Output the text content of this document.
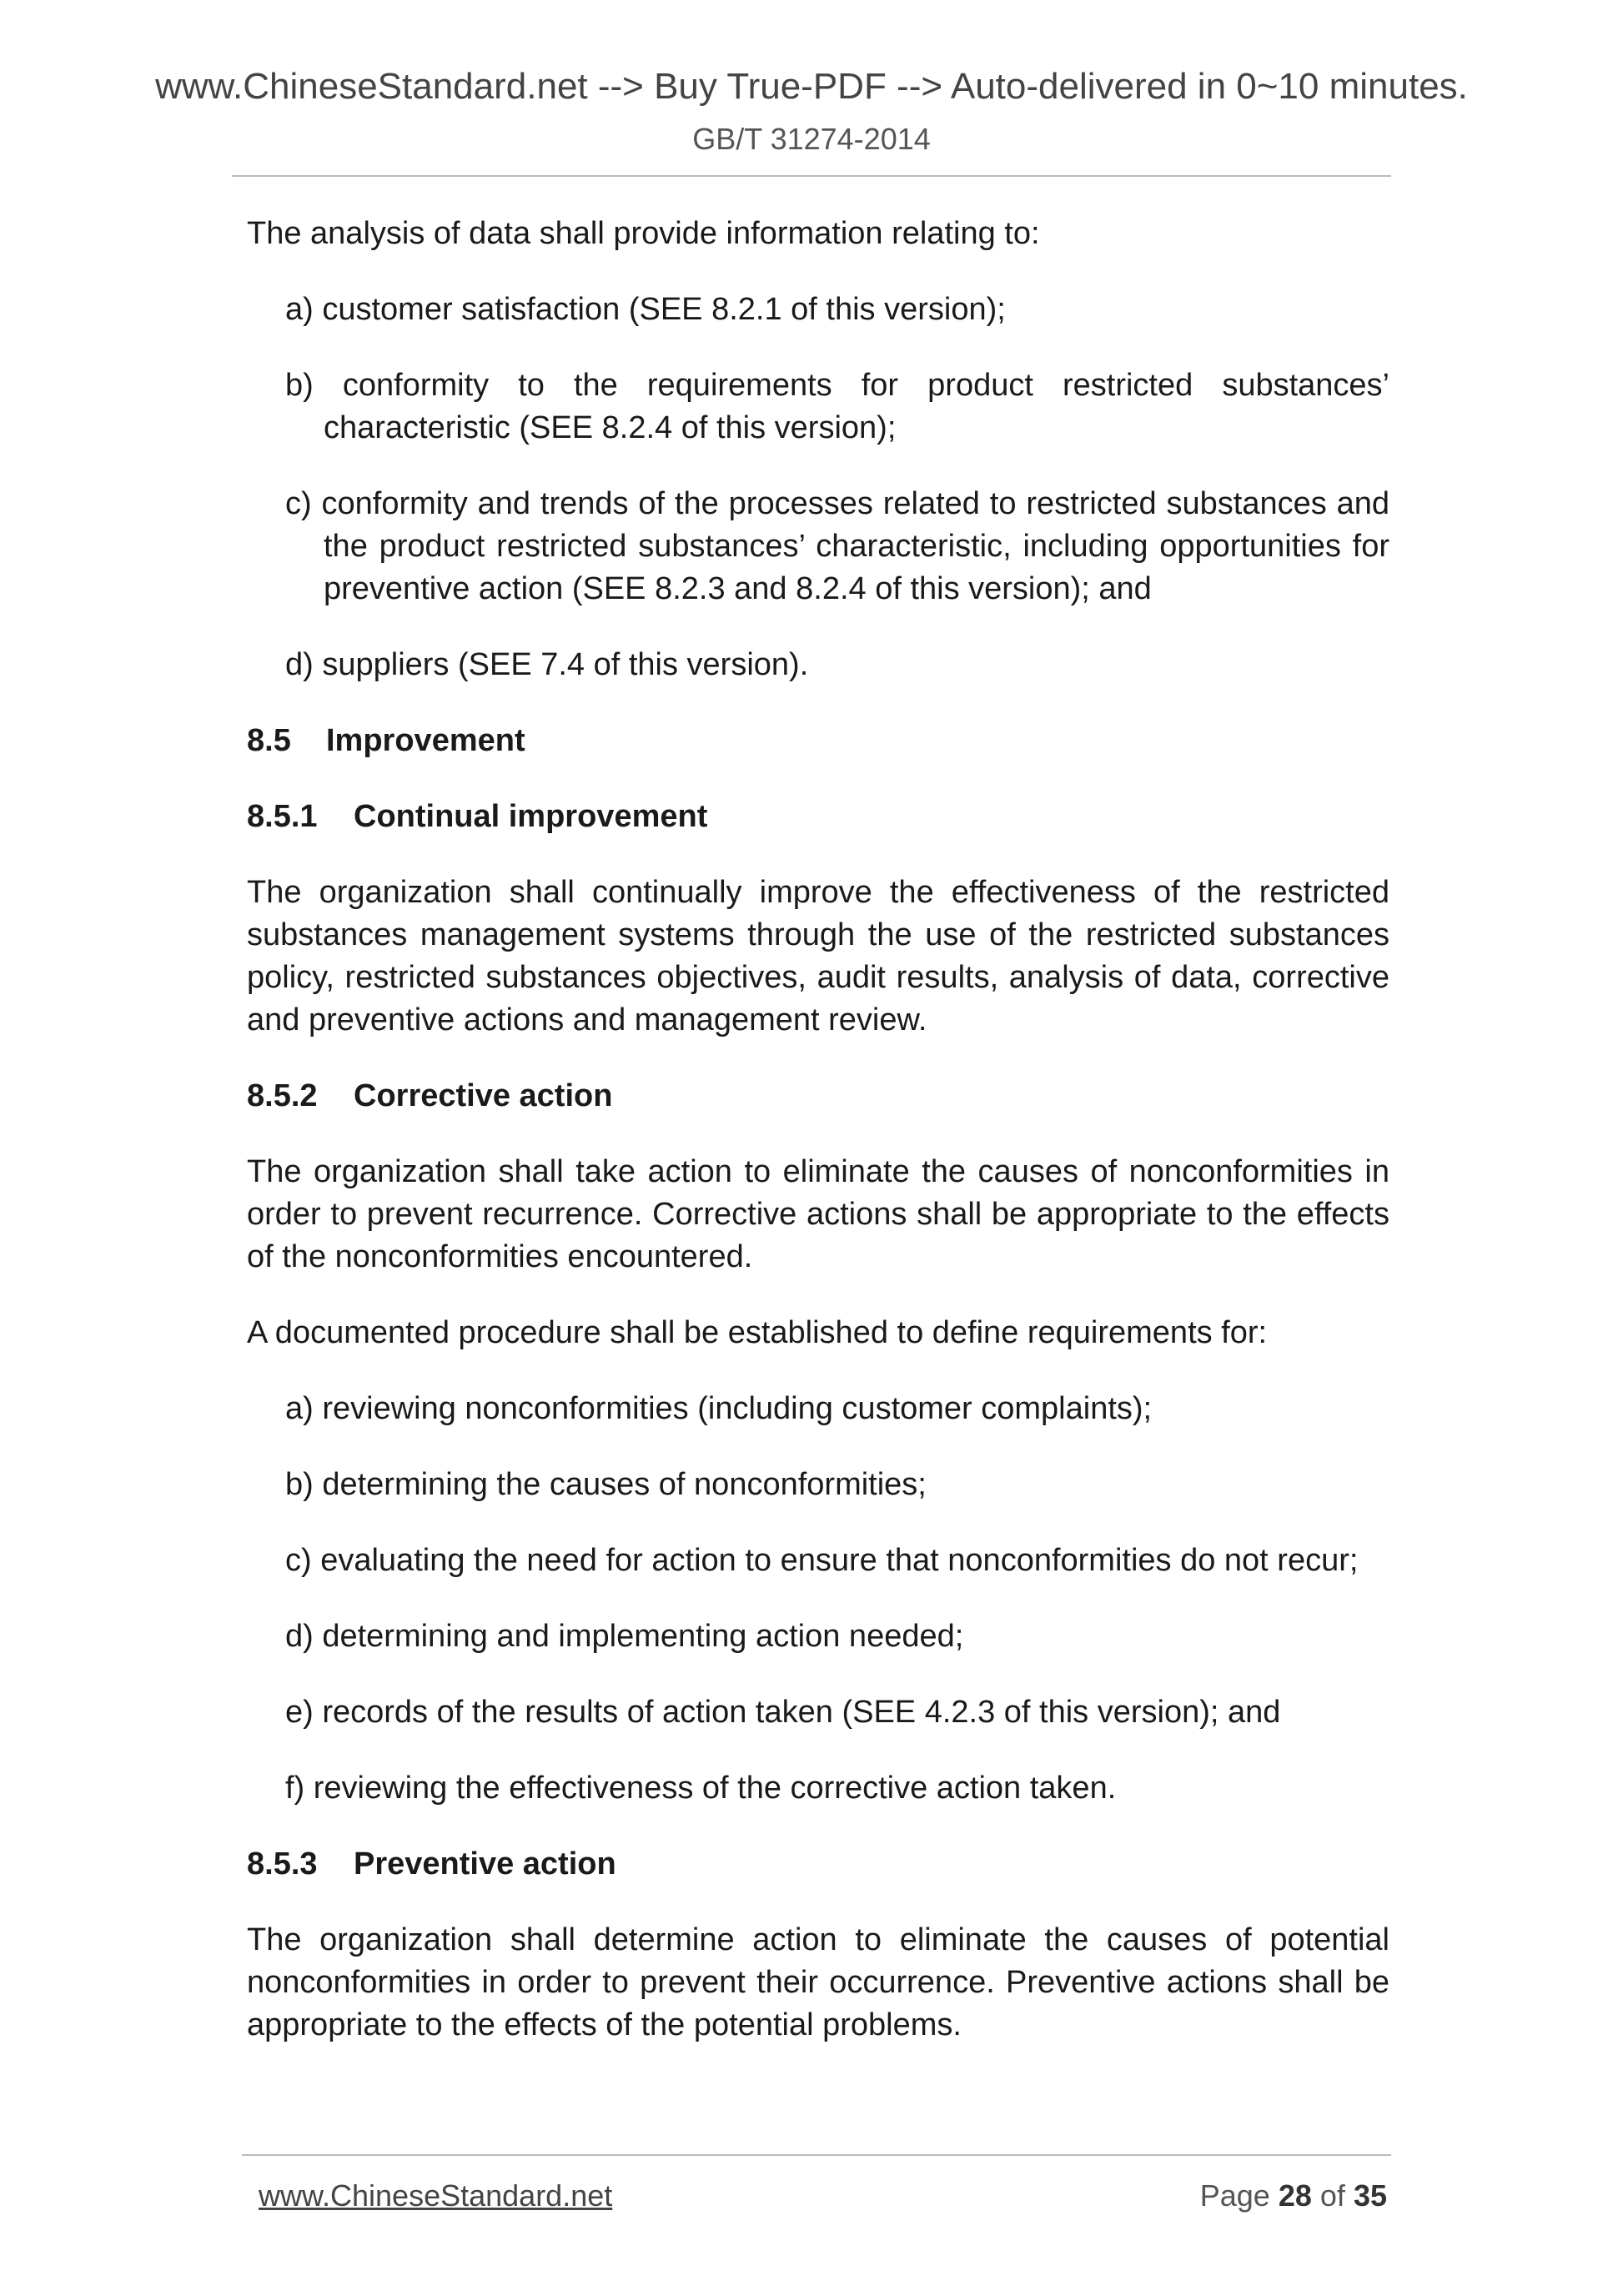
www.ChineseStandard.net --> Buy True-PDF --> Auto-delivered in 0~10 minutes.
GB/T 31274-2014

The analysis of data shall provide information relating to:

a) customer satisfaction (SEE 8.2.1 of this version);

b) conformity to the requirements for product restricted substances’ characteristic (SEE 8.2.4 of this version);

c) conformity and trends of the processes related to restricted substances and the product restricted substances’ characteristic, including opportunities for preventive action (SEE 8.2.3 and 8.2.4 of this version); and

d) suppliers (SEE 7.4 of this version).

8.5 Improvement
8.5.1 Continual improvement

The organization shall continually improve the effectiveness of the restricted substances management systems through the use of the restricted substances policy, restricted substances objectives, audit results, analysis of data, corrective and preventive actions and management review.

8.5.2 Corrective action

The organization shall take action to eliminate the causes of nonconformities in order to prevent recurrence. Corrective actions shall be appropriate to the effects of the nonconformities encountered.

A documented procedure shall be established to define requirements for:

a) reviewing nonconformities (including customer complaints);

b) determining the causes of nonconformities;

c) evaluating the need for action to ensure that nonconformities do not recur;

d) determining and implementing action needed;

e) records of the results of action taken (SEE 4.2.3 of this version); and

f) reviewing the effectiveness of the corrective action taken.

8.5.3 Preventive action

The organization shall determine action to eliminate the causes of potential nonconformities in order to prevent their occurrence. Preventive actions shall be appropriate to the effects of the potential problems.

www.ChineseStandard.net	Page 28 of 35
